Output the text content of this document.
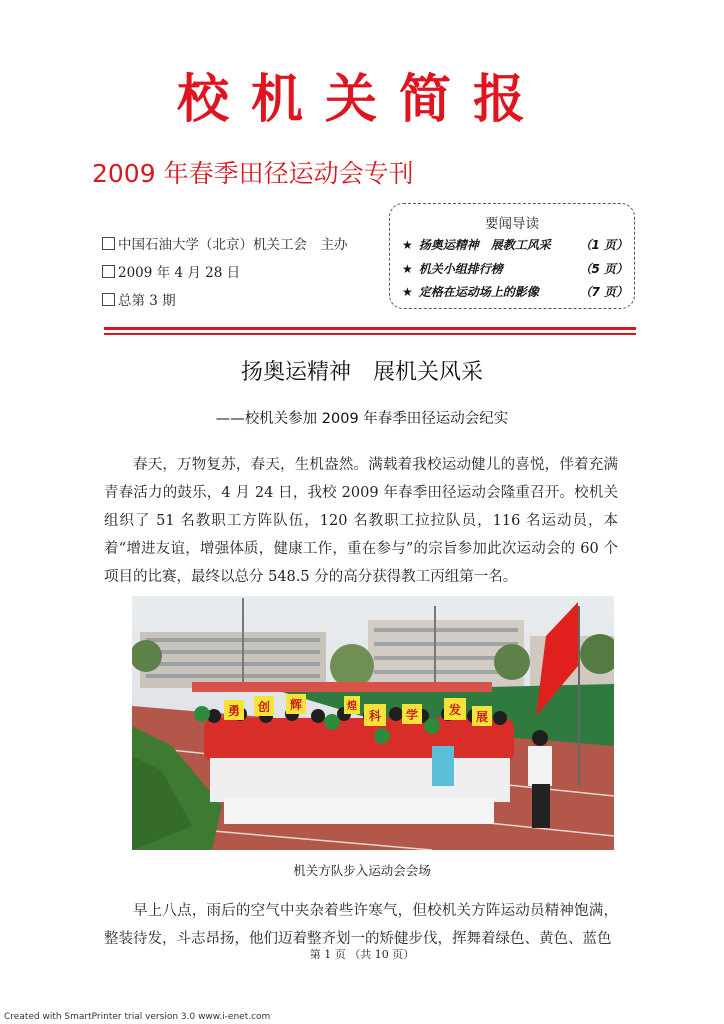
校机关简报
2009 年春季田径运动会专刊
中国石油大学（北京）机关工会　主办
2009 年 4 月 28 日
总第 3 期
要闻导读
★ 扬奥运精神　展教工风采 （1 页）
★ 机关小组排行榜	（5 页）
★ 定格在运动场上的影像	（7 页）
扬奥运精神　展机关风采
——校机关参加 2009 年春季田径运动会纪实
春天，万物复苏，春天，生机盎然。满载着我校运动健儿的喜悦，伴着充满青春活力的鼓乐，4 月 24 日，我校 2009 年春季田径运动会隆重召开。校机关组织了 51 名教职工方阵队伍，120 名教职工拉拉队员，116 名运动员，本着“增进友谊，增强体质，健康工作，重在参与”的宗旨参加此次运动会的 60 个项目的比赛，最终以总分 548.5 分的高分获得教工丙组第一名。
勇 创 辉	煌
科 学	发 展
机关方队步入运动会会场
早上八点，雨后的空气中夹杂着些许寒气，但校机关方阵运动员精神饱满，整装待发，斗志昂扬，他们迈着整齐划一的矫健步伐，挥舞着绿色、黄色、蓝色
第 1 页 （共 10 页）
Created with SmartPrinter trial version 3.0 www.i-enet.com
